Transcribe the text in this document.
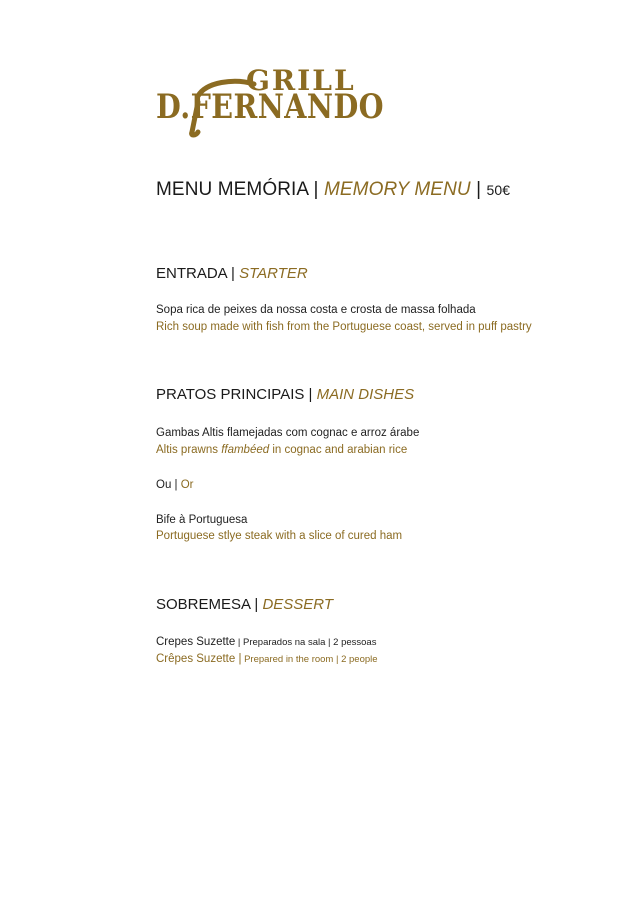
GRILL
D.FERNANDO
MENU MEMÓRIA | MEMORY MENU | 50€
ENTRADA | STARTER
Sopa rica de peixes da nossa costa e crosta de massa folhada
Rich soup made with fish from the Portuguese coast, served in puff pastry
PRATOS PRINCIPAIS | MAIN DISHES
Gambas Altis flamejadas com cognac e arroz árabe
Altis prawns ffambéed in cognac and arabian rice
Ou | Or
Bife à Portuguesa
Portuguese stlye steak with a slice of cured ham
SOBREMESA | DESSERT
Crepes Suzette | Preparados na sala | 2 pessoas
Crêpes Suzette | Prepared in the room | 2 people
